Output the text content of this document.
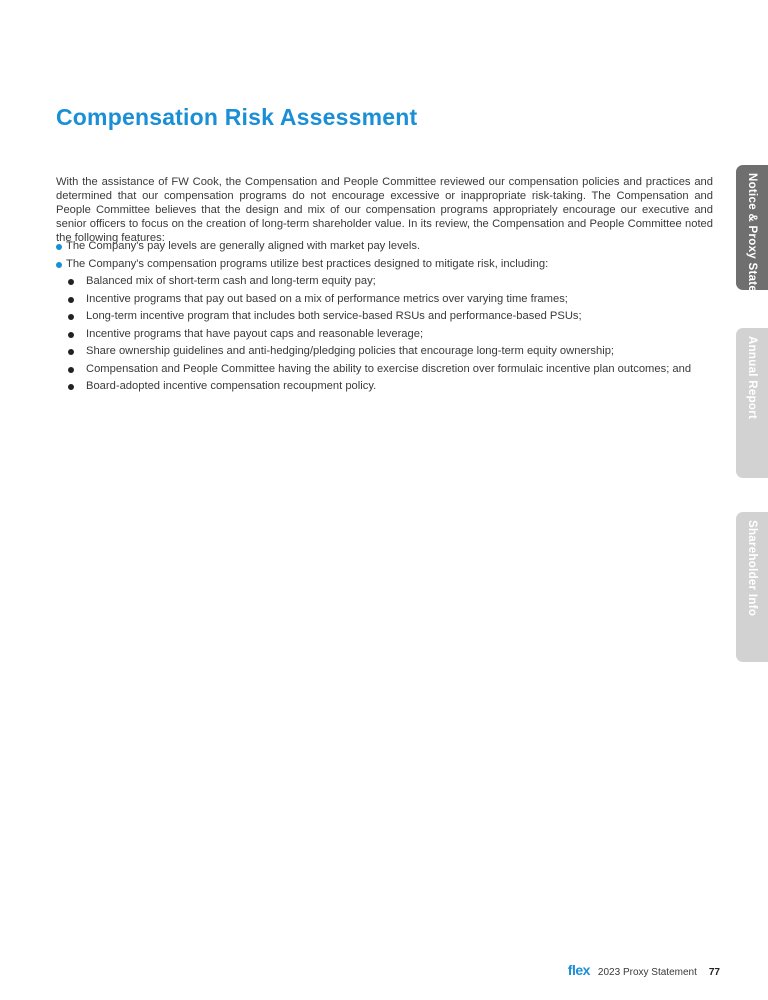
Compensation Risk Assessment

With the assistance of FW Cook, the Compensation and People Committee reviewed our compensation policies and practices and determined that our compensation programs do not encourage excessive or inappropriate risk-taking. The Compensation and People Committee believes that the design and mix of our compensation programs appropriately encourage our executive and senior officers to focus on the creation of long-term shareholder value. In its review, the Compensation and People Committee noted the following features:

The Company's pay levels are generally aligned with market pay levels.
The Company's compensation programs utilize best practices designed to mitigate risk, including:
Balanced mix of short-term cash and long-term equity pay;
Incentive programs that pay out based on a mix of performance metrics over varying time frames;
Long-term incentive program that includes both service-based RSUs and performance-based PSUs;
Incentive programs that have payout caps and reasonable leverage;
Share ownership guidelines and anti-hedging/pledging policies that encourage long-term equity ownership;
Compensation and People Committee having the ability to exercise discretion over formulaic incentive plan outcomes; and
Board-adopted incentive compensation recoupment policy.
Notice & Proxy Statement
Annual Report
Shareholder Info
flex 2023 Proxy Statement 77
